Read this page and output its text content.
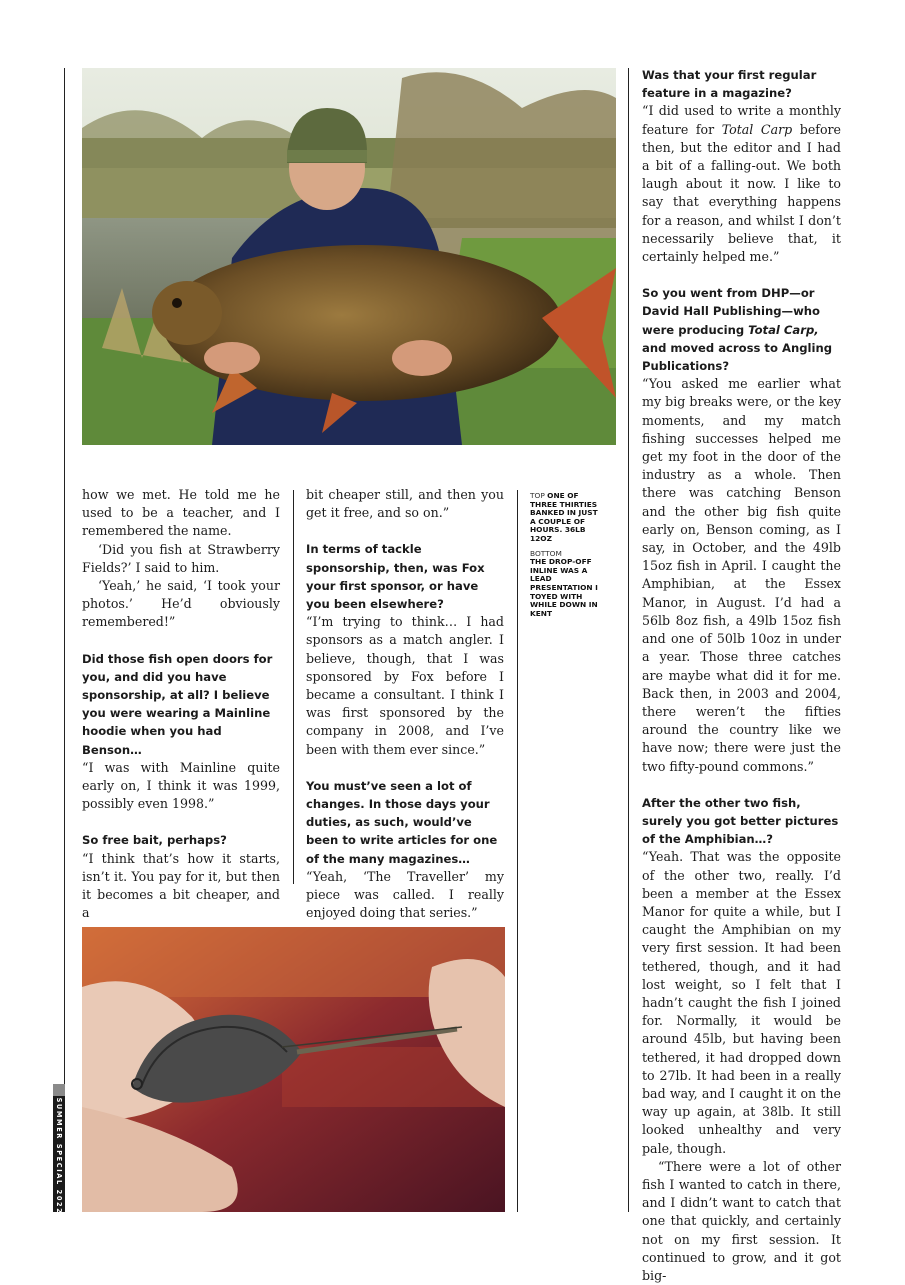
how we met. He told me he used to be a teacher, and I remembered the name.

‘Did you fish at Strawberry Fields?’ I said to him.

‘Yeah,’ he said, ‘I took your photos.’ He’d obviously remembered!”

Did those fish open doors for you, and did you have sponsorship, at all? I believe you were wearing a Mainline hoodie when you had Benson…

“I was with Mainline quite early on, I think it was 1999, possibly even 1998.”

So free bait, perhaps?

“I think that’s how it starts, isn’t it. You pay for it, but then it becomes a bit cheaper, and a

bit cheaper still, and then you get it free, and so on.”

In terms of tackle sponsorship, then, was Fox your first sponsor, or have you been elsewhere?

“I’m trying to think… I had sponsors as a match angler. I believe, though, that I was sponsored by Fox before I became a consultant. I think I was first sponsored by the company in 2008, and I’ve been with them ever since.”

You must’ve seen a lot of changes. In those days your duties, as such, would’ve been to write articles for one of the many magazines…

“Yeah, ‘The Traveller’ my piece was called. I really enjoyed doing that series.”

TOP ONE OF THREE THIRTIES BANKED IN JUST A COUPLE OF HOURS. 36LB 12OZ
BOTTOM
THE DROP-OFF INLINE WAS A LEAD PRESENTATION I TOYED WITH WHILE DOWN IN KENT

Was that your first regular feature in a magazine?

“I did used to write a monthly feature for Total Carp before then, but the editor and I had a bit of a falling-out. We both laugh about it now. I like to say that everything happens for a reason, and whilst I don’t necessarily believe that, it certainly helped me.”

So you went from DHP—or David Hall Publishing—who were producing Total Carp, and moved across to Angling Publications?

“You asked me earlier what my big breaks were, or the key moments, and my match fishing successes helped me get my foot in the door of the industry as a whole. Then there was catching Benson and the other big fish quite early on, Benson coming, as I say, in October, and the 49lb 15oz fish in April. I caught the Amphibian, at the Essex Manor, in August. I’d had a 56lb 8oz fish, a 49lb 15oz fish and one of 50lb 10oz in under a year. Those three catches are maybe what did it for me. Back then, in 2003 and 2004, there weren’t the fifties around the country like we have now; there were just the two fifty-pound commons.”

After the other two fish, surely you got better pictures of the Amphibian…?

“Yeah. That was the opposite of the other two, really. I’d been a member at the Essex Manor for quite a while, but I caught the Amphibian on my very first session. It had been tethered, though, and it had lost weight, so I felt that I hadn’t caught the fish I joined for. Normally, it would be around 45lb, but having been tethered, it had dropped down to 27lb. It had been in a really bad way, and I caught it on the way up again, at 38lb. It still looked unhealthy and very pale, though.

“There were a lot of other fish I wanted to catch in there, and I didn’t want to catch that one that quickly, and certainly not on my first session. It continued to grow, and it got big-

SUMMER SPECIAL 2022
